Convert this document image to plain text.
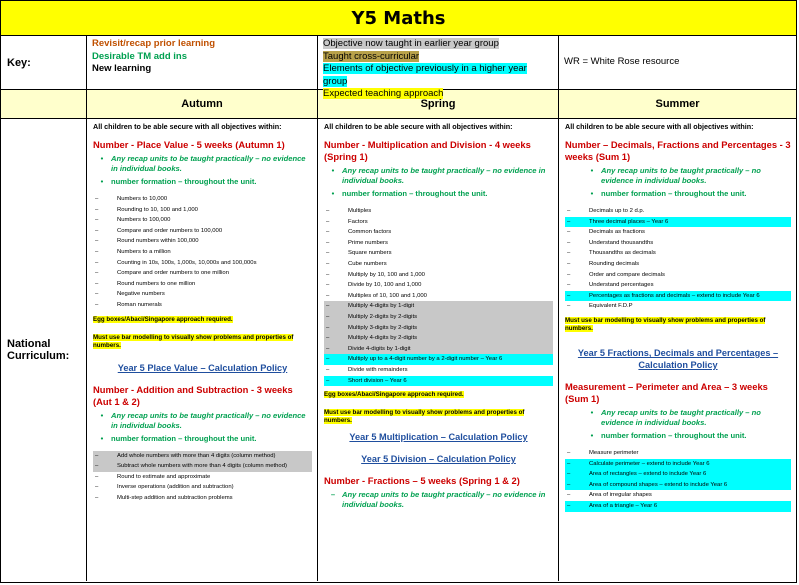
Y5 Maths
Key:
Revisit/recap prior learning
Desirable TM add ins
New learning
Objective now taught in earlier year group
Taught cross-curricular
Elements of objective previously in a higher year group
Expected teaching approach
WR = White Rose resource
Autumn	Spring	Summer
National Curriculum:
All children to be able secure with all objectives within:
Number - Place Value - 5 weeks (Autumn 1)
•	Any recap units to be taught practically – no evidence in individual books.
•	number formation – throughout the unit.
–	Numbers to 10,000
–	Rounding to 10, 100 and 1,000
–	Numbers to 100,000
–	Compare and order numbers to 100,000
–	Round numbers within 100,000
–	Numbers to a million
–	Counting in 10s, 100s, 1,000s, 10,000s and 100,000s
–	Compare and order numbers to one million
–	Round numbers to one million
–	Negative numbers
–	Roman numerals
Egg boxes/Abaci/Singapore approach required.
Must use bar modelling to visually show problems and properties of numbers.
Year 5 Place Value – Calculation Policy
Number - Addition and Subtraction - 3 weeks (Aut 1 & 2)
•	Any recap units to be taught practically – no evidence in individual books.
•	number formation – throughout the unit.
–	Add whole numbers with more than 4 digits (column method)
–	Subtract whole numbers with more than 4 digits (column method)
–	Round to estimate and approximate
–	Inverse operations (addition and subtraction)
–	Multi-step addition and subtraction problems
All children to be able secure with all objectives within:
Number - Multiplication and Division - 4 weeks (Spring 1)
•	Any recap units to be taught practically – no evidence in individual books.
•	number formation – throughout the unit.
–	Multiples
–	Factors
–	Common factors
–	Prime numbers
–	Square numbers
–	Cube numbers
–	Multiply by 10, 100 and 1,000
–	Divide by 10, 100 and 1,000
–	Multiples of 10, 100 and 1,000
–	Multiply 4-digits by 1-digit
–	Multiply 2-digits by 2-digits
–	Multiply 3-digits by 2-digits
–	Multiply 4-digits by 2-digits
–	Divide 4-digits by 1-digit
–	Multiply up to a 4-digit number by a 2-digit number – Year 6
–	Divide with remainders
–	Short division – Year 6
Egg boxes/Abaci/Singapore approach required.
Must use bar modelling to visually show problems and properties of numbers.
Year 5 Multiplication – Calculation Policy
Year 5 Division – Calculation Policy
Number - Fractions – 5 weeks (Spring 1 & 2)
– Any recap units to be taught practically – no evidence in individual books.
All children to be able secure with all objectives within:
Number – Decimals, Fractions and Percentages - 3 weeks (Sum 1)
•	Any recap units to be taught practically – no evidence in individual books.
•	number formation – throughout the unit.
–	Decimals up to 2 d.p.
–	Three decimal places – Year 6
–	Decimals as fractions
–	Understand thousandths
–	Thousandths as decimals
–	Rounding decimals
–	Order and compare decimals
–	Understand percentages
–	Percentages as fractions and decimals – extend to include Year 6
–	Equivalent F.D.P
Must use bar modelling to visually show problems and properties of numbers.
Year 5 Fractions, Decimals and Percentages – Calculation Policy
Measurement – Perimeter and Area – 3 weeks (Sum 1)
•	Any recap units to be taught practically – no evidence in individual books.
•	number formation – throughout the unit.
–	Measure perimeter
–	Calculate perimeter – extend to include Year 6
–	Area of rectangles – extend to include Year 6
–	Area of compound shapes – extend to include Year 6
–	Area of irregular shapes
–	Area of a triangle – Year 6
